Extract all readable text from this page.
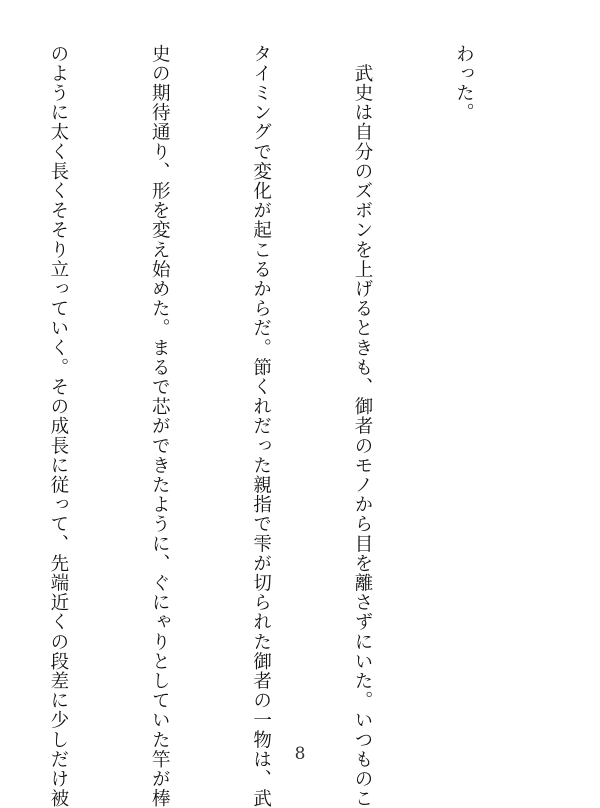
わった。

　武史は自分のズボンを上げるときも、御者のモノから目を離さずにいた。いつものこ

タイミングで変化が起こるからだ。節くれだった親指で雫が切られた御者の一物は、武

史の期待通り、形を変え始めた。まるで芯ができたように、ぐにゃりとしていた竿が棒

のように太く長くそそり立っていく。その成長に従って、先端近くの段差に少しだけ被

	8
